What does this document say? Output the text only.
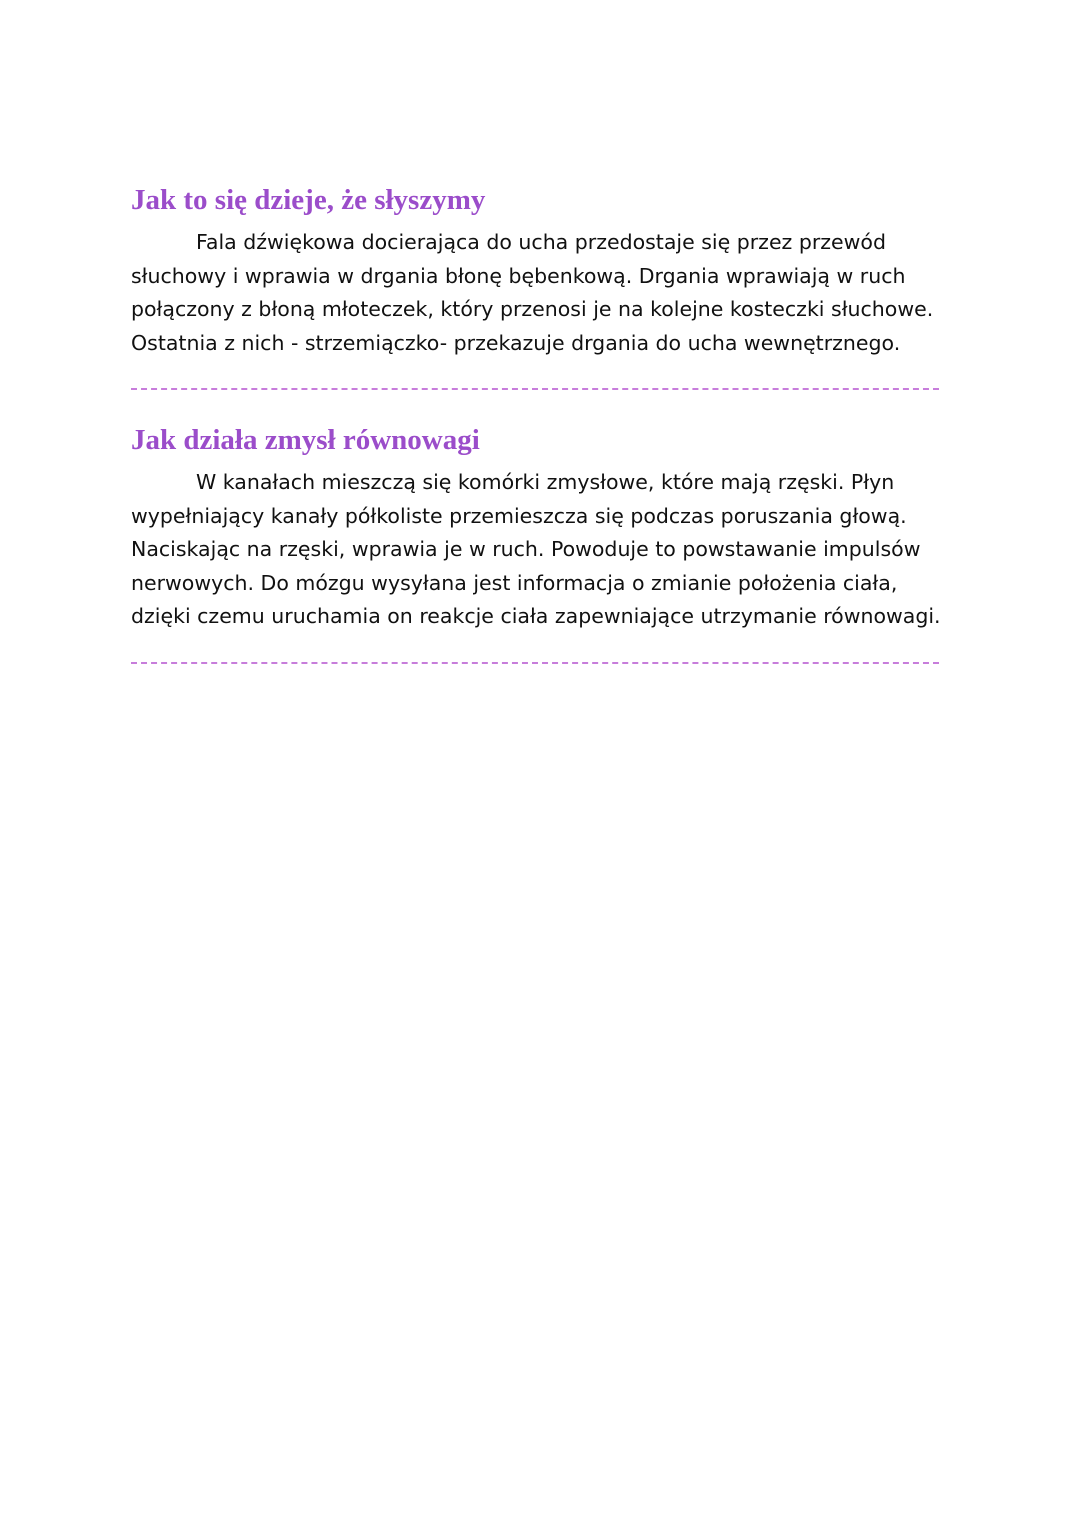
Jak to się dzieje, że słyszymy

Fala dźwiękowa docierająca do ucha przedostaje się przez przewód
słuchowy i wprawia w drgania błonę bębenkową. Drgania wprawiają w ruch
połączony z błoną młoteczek, który przenosi je na kolejne kosteczki słuchowe.
Ostatnia z nich - strzemiączko- przekazuje drgania do ucha wewnętrznego.

Jak działa zmysł równowagi

W kanałach mieszczą się komórki zmysłowe, które mają rzęski. Płyn
wypełniający kanały półkoliste przemieszcza się podczas poruszania głową.
Naciskając na rzęski, wprawia je w ruch. Powoduje to powstawanie impulsów
nerwowych. Do mózgu wysyłana jest informacja o zmianie położenia ciała,
dzięki czemu uruchamia on reakcje ciała zapewniające utrzymanie równowagi.
